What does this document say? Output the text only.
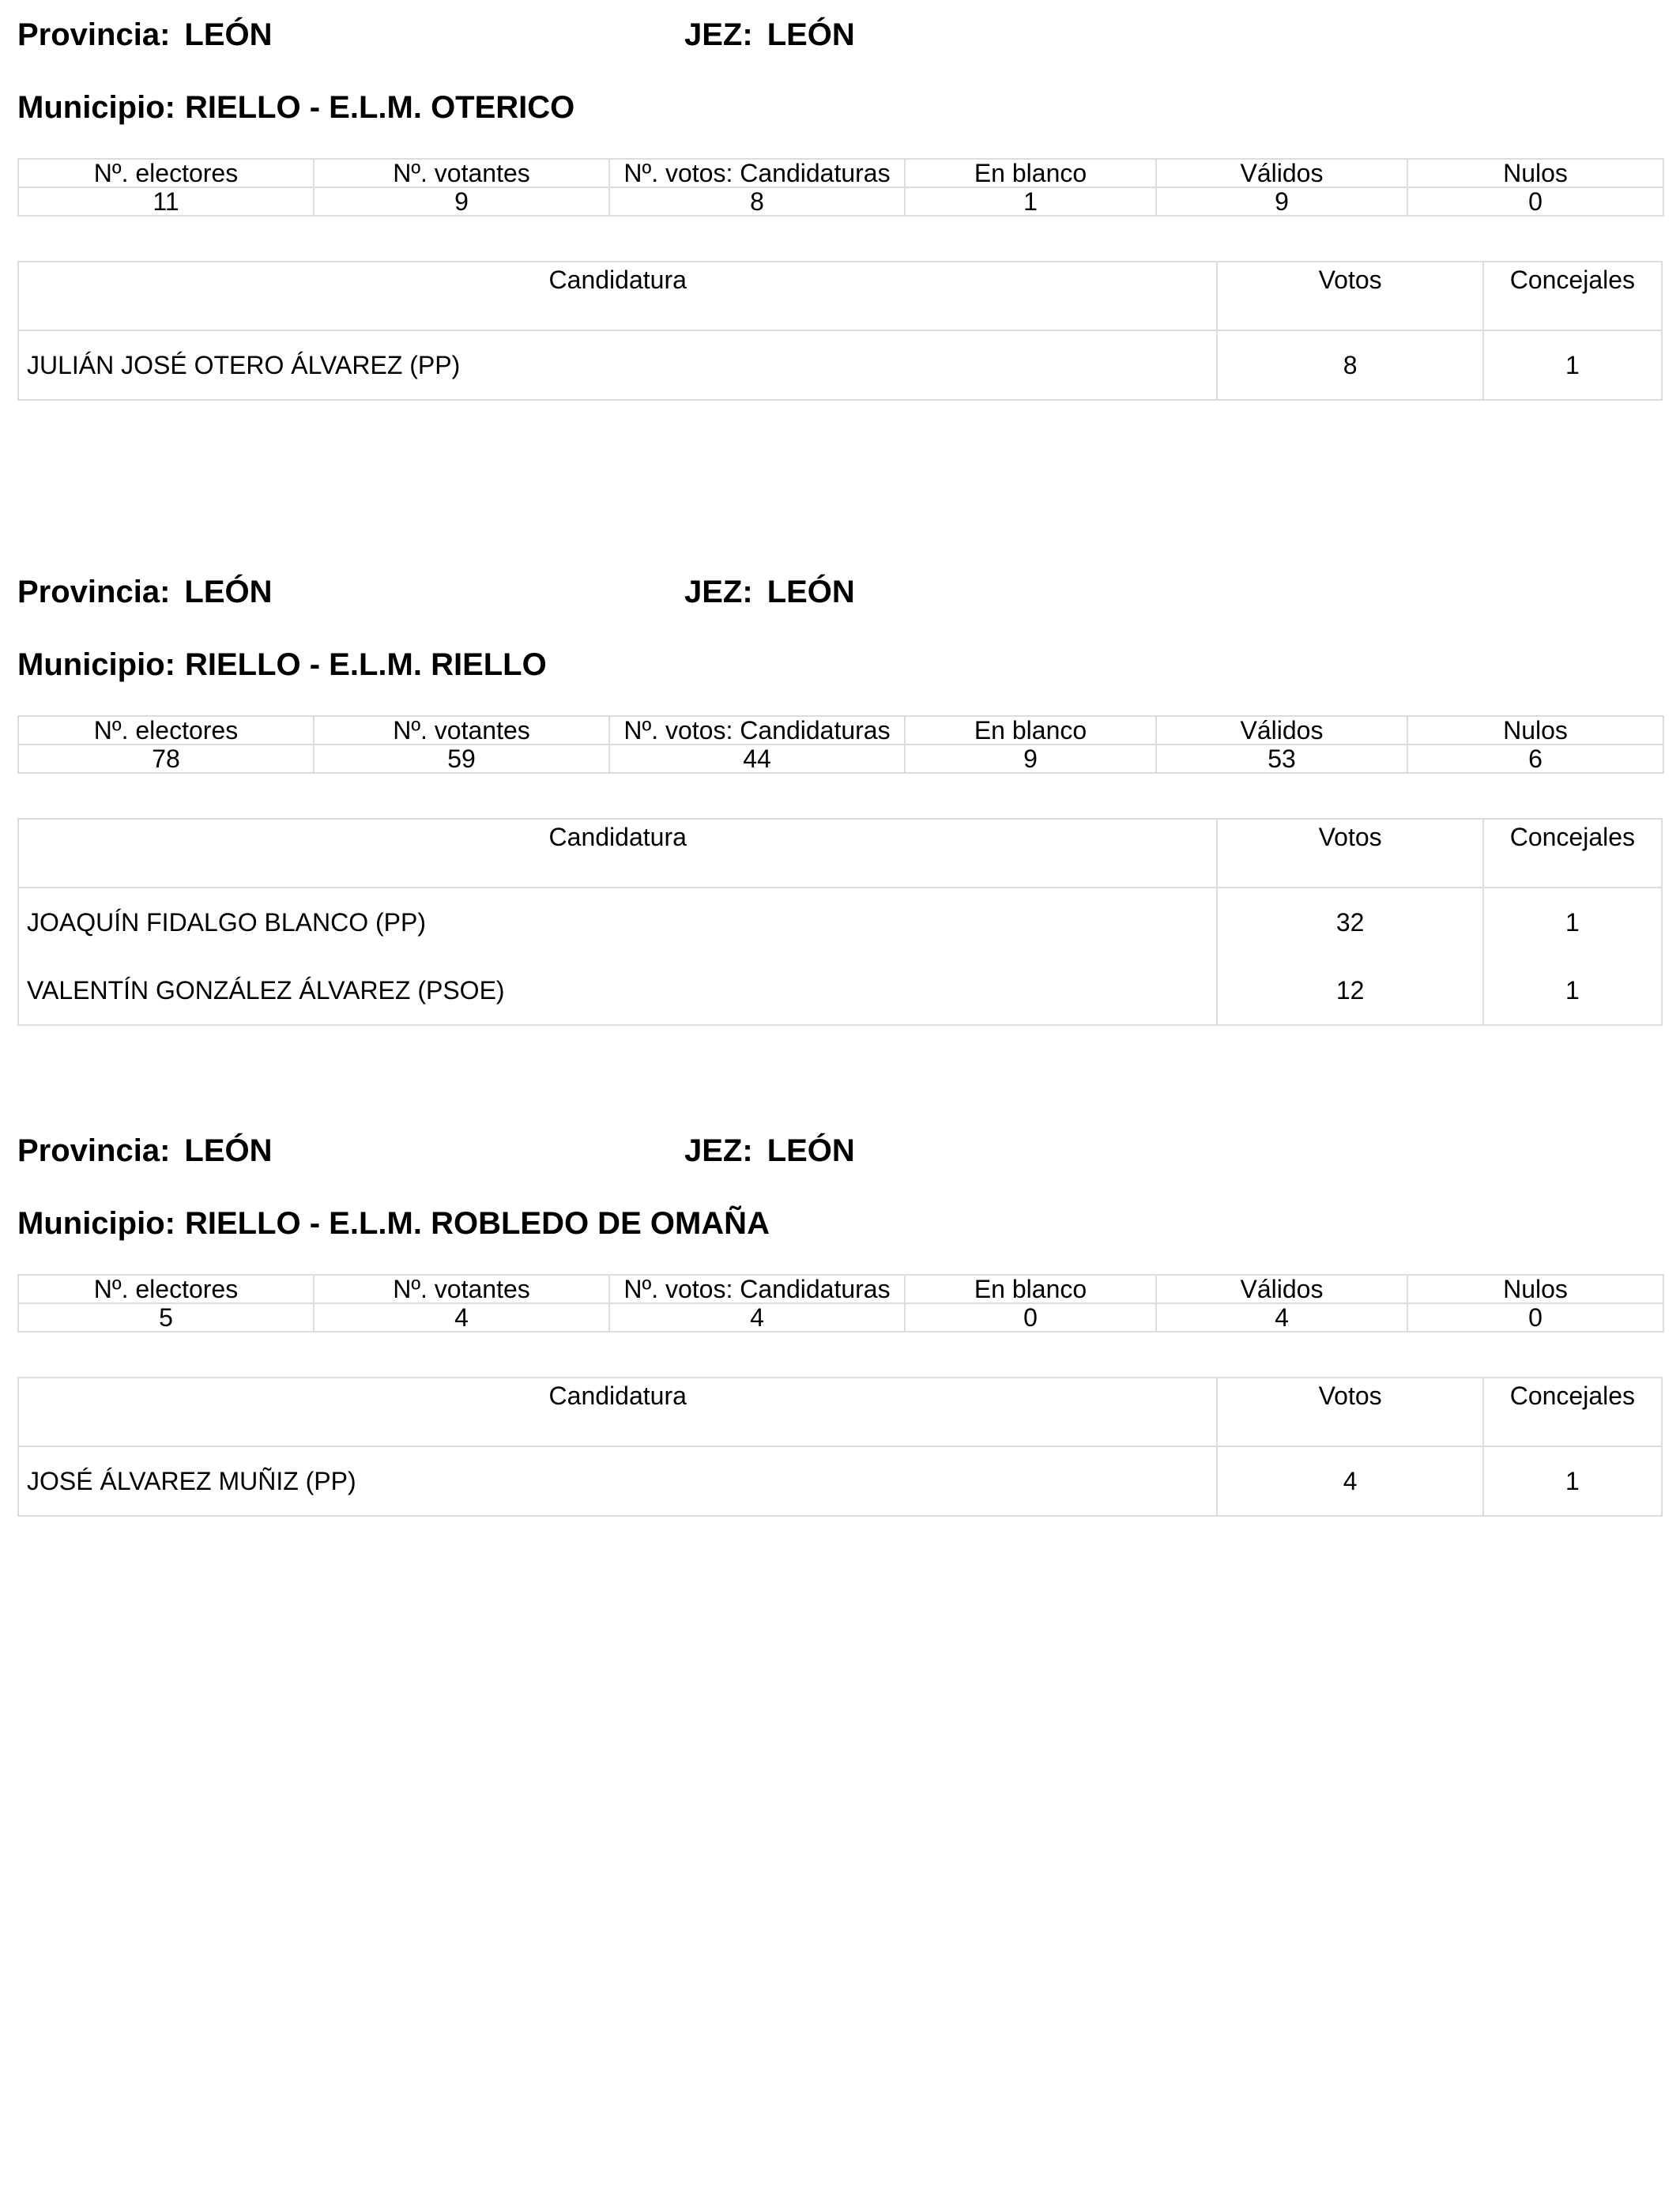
Provincia: LEÓN	JEZ: LEÓN
Municipio: RIELLO - E.L.M. OTERICO
Nº. electores	Nº. votantes	Nº. votos: Candidaturas	En blanco	Válidos	Nulos
11	9	8	1	9	0
Candidatura	Votos	Concejales
JULIÁN JOSÉ OTERO ÁLVAREZ (PP)	8	1
Provincia: LEÓN	JEZ: LEÓN
Municipio: RIELLO - E.L.M. RIELLO
Nº. electores	Nº. votantes	Nº. votos: Candidaturas	En blanco	Válidos	Nulos
78	59	44	9	53	6
Candidatura	Votos	Concejales
JOAQUÍN FIDALGO BLANCO (PP)	32	1
VALENTÍN GONZÁLEZ ÁLVAREZ (PSOE)	12	1
Provincia: LEÓN	JEZ: LEÓN
Municipio: RIELLO - E.L.M. ROBLEDO DE OMAÑA
Nº. electores	Nº. votantes	Nº. votos: Candidaturas	En blanco	Válidos	Nulos
5	4	4	0	4	0
Candidatura	Votos	Concejales
JOSÉ ÁLVAREZ MUÑIZ (PP)	4	1
